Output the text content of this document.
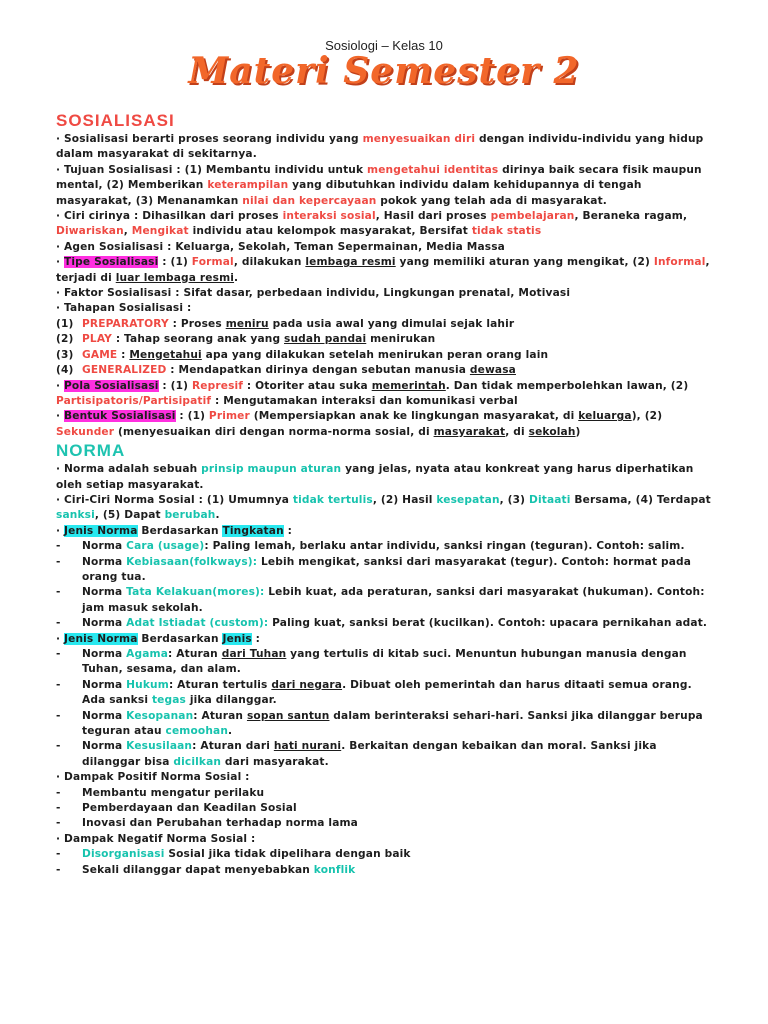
Sosiologi – Kelas 10
Materi Semester 2
SOSIALISASI

· Sosialisasi berarti proses seorang individu yang menyesuaikan diri dengan individu-individu yang hidup dalam masyarakat di sekitarnya.

· Tujuan Sosialisasi : (1) Membantu individu untuk mengetahui identitas dirinya baik secara fisik maupun mental, (2) Memberikan keterampilan yang dibutuhkan individu dalam kehidupannya di tengah masyarakat, (3) Menanamkan nilai dan kepercayaan pokok yang telah ada di masyarakat.

· Ciri cirinya : Dihasilkan dari proses interaksi sosial, Hasil dari proses pembelajaran, Beraneka ragam, Diwariskan, Mengikat individu atau kelompok masyarakat, Bersifat tidak statis

· Agen Sosialisasi : Keluarga, Sekolah, Teman Sepermainan, Media Massa

· Tipe Sosialisasi : (1) Formal, dilakukan lembaga resmi yang memiliki aturan yang mengikat, (2) Informal, terjadi di luar lembaga resmi.

· Faktor Sosialisasi : Sifat dasar, perbedaan individu, Lingkungan prenatal, Motivasi

· Tahapan Sosialisasi :

(1) PREPARATORY : Proses meniru pada usia awal yang dimulai sejak lahir
(2) PLAY : Tahap seorang anak yang sudah pandai menirukan
(3) GAME : Mengetahui apa yang dilakukan setelah menirukan peran orang lain
(4) GENERALIZED : Mendapatkan dirinya dengan sebutan manusia dewasa

· Pola Sosialisasi : (1) Represif : Otoriter atau suka memerintah. Dan tidak memperbolehkan lawan, (2) Partisipatoris/Partisipatif : Mengutamakan interaksi dan komunikasi verbal

· Bentuk Sosialisasi : (1) Primer (Mempersiapkan anak ke lingkungan masyarakat, di keluarga), (2) Sekunder (menyesuaikan diri dengan norma-norma sosial, di masyarakat, di sekolah)

NORMA

· Norma adalah sebuah prinsip maupun aturan yang jelas, nyata atau konkreat yang harus diperhatikan oleh setiap masyarakat.

· Ciri-Ciri Norma Sosial : (1) Umumnya tidak tertulis, (2) Hasil kesepatan, (3) Ditaati Bersama, (4) Terdapat sanksi, (5) Dapat berubah.

· Jenis Norma Berdasarkan Tingkatan :

-	Norma Cara (usage): Paling lemah, berlaku antar individu, sanksi ringan (teguran). Contoh: salim.
-	Norma Kebiasaan(folkways): Lebih mengikat, sanksi dari masyarakat (tegur). Contoh: hormat pada orang tua.
-	Norma Tata Kelakuan(mores): Lebih kuat, ada peraturan, sanksi dari masyarakat (hukuman). Contoh: jam masuk sekolah.
-	Norma Adat Istiadat (custom): Paling kuat, sanksi berat (kucilkan). Contoh: upacara pernikahan adat.

· Jenis Norma Berdasarkan Jenis :

-	Norma Agama: Aturan dari Tuhan yang tertulis di kitab suci. Menuntun hubungan manusia dengan Tuhan, sesama, dan alam.
-	Norma Hukum: Aturan tertulis dari negara. Dibuat oleh pemerintah dan harus ditaati semua orang. Ada sanksi tegas jika dilanggar.
-	Norma Kesopanan: Aturan sopan santun dalam berinteraksi sehari-hari. Sanksi jika dilanggar berupa teguran atau cemoohan.
-	Norma Kesusilaan: Aturan dari hati nurani. Berkaitan dengan kebaikan dan moral. Sanksi jika dilanggar bisa dicilkan dari masyarakat.

· Dampak Positif Norma Sosial :

-	Membantu mengatur perilaku
-	Pemberdayaan dan Keadilan Sosial
-	Inovasi dan Perubahan terhadap norma lama

· Dampak Negatif Norma Sosial :

-	Disorganisasi Sosial jika tidak dipelihara dengan baik
-	Sekali dilanggar dapat menyebabkan konflik
